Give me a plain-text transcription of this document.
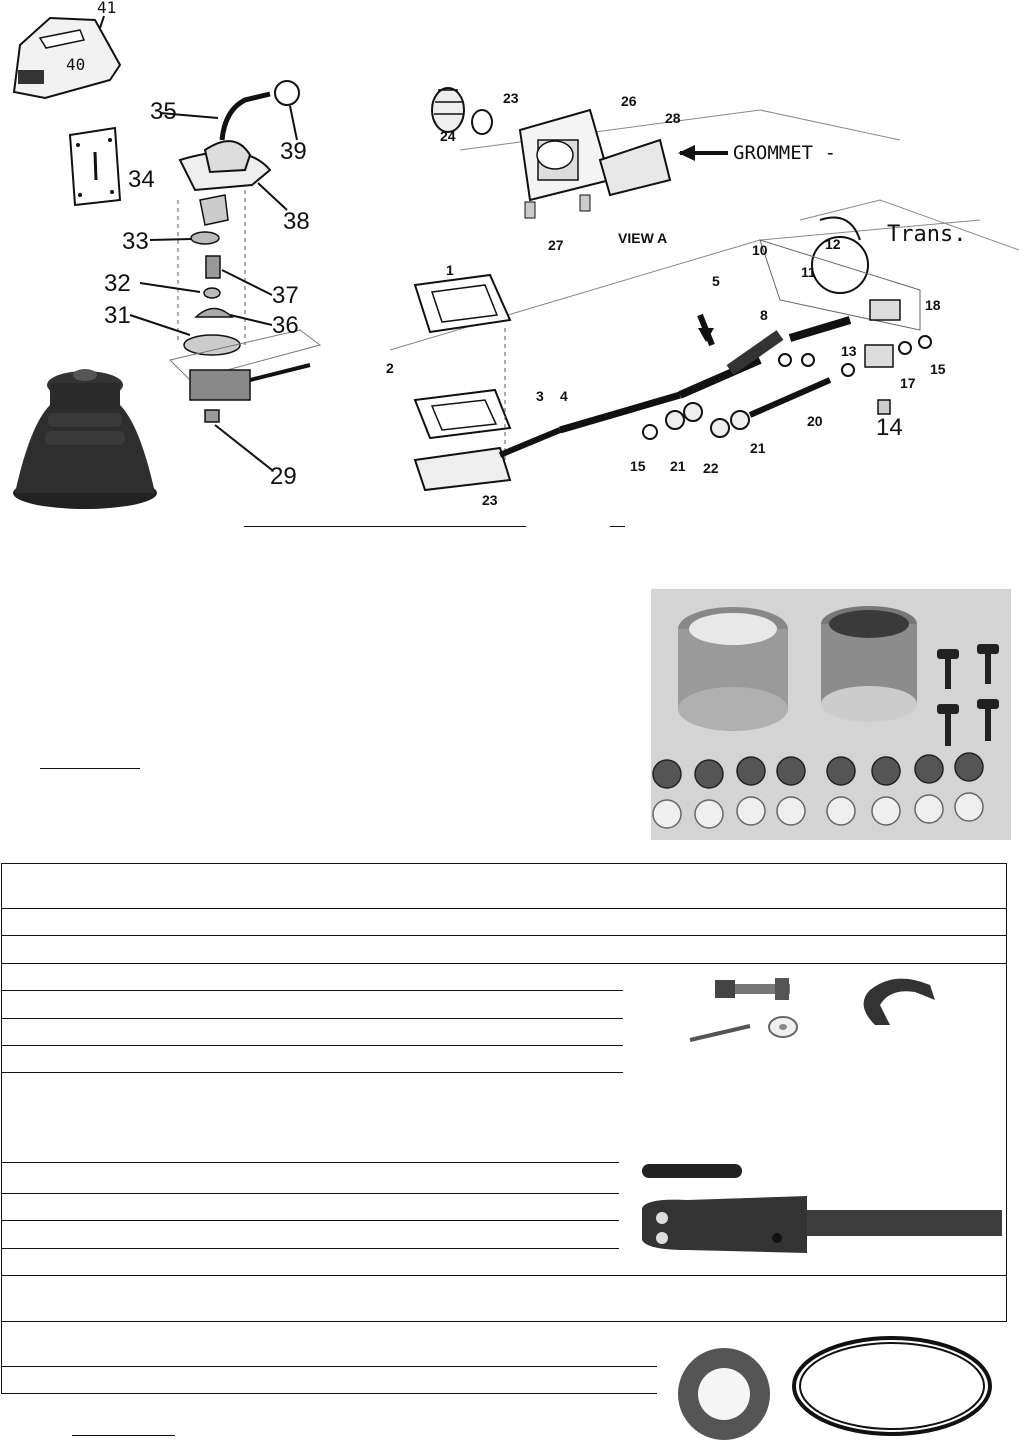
41
40
35
39
34
38
33
32	37
31	36
29
23	26
24
28
GROMMET -
27	VIEW A	Trans.
1
10	12
11
5
8
18
13
15
17
2
3 4
20
15 21 22
21
14
23
